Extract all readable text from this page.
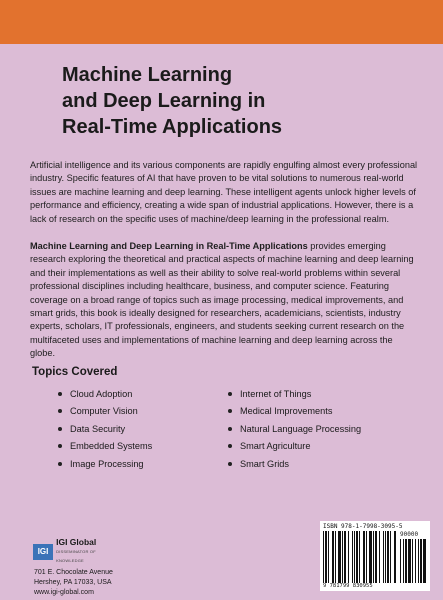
Machine Learning
and Deep Learning in
Real-Time Applications
Artificial intelligence and its various components are rapidly engulfing almost every professional industry. Specific features of AI that have proven to be vital solutions to numerous real-world issues are machine learning and deep learning. These intelligent agents unlock higher levels of performance and efficiency, creating a wide span of industrial applications. However, there is a lack of research on the specific uses of machine/deep learning in the professional realm.
Machine Learning and Deep Learning in Real-Time Applications provides emerging research exploring the theoretical and practical aspects of machine learning and deep learning and their implementations as well as their ability to solve real-world problems within several professional disciplines including healthcare, business, and computer science. Featuring coverage on a broad range of topics such as image processing, medical improvements, and smart grids, this book is ideally designed for researchers, academicians, scientists, industry experts, scholars, IT professionals, engineers, and students seeking current research on the multifaceted uses and implementations of machine learning and deep learning across the globe.
Topics Covered
Cloud Adoption
Computer Vision
Data Security
Embedded Systems
Image Processing
Internet of Things
Medical Improvements
Natural Language Processing
Smart Agriculture
Smart Grids
IGI
IGI Global
DISSEMINATOR OF KNOWLEDGE
701 E. Chocolate Avenue
Hershey, PA 17033, USA
www.igi-global.com
ISBN 978-1-7998-3095-5
90000
9 781799 830955
